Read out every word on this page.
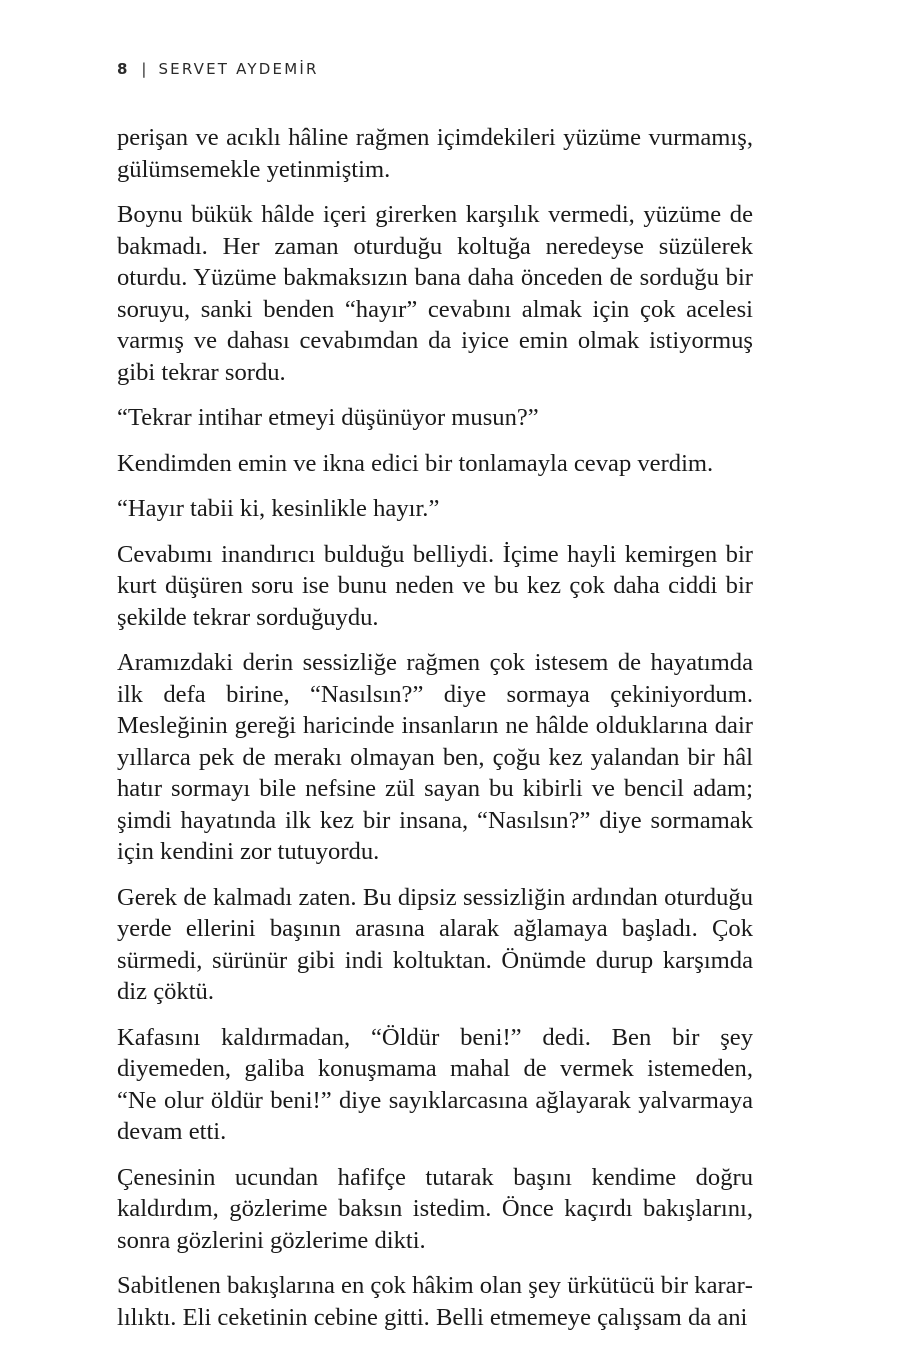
8 | SERVET AYDEMİR

perişan ve acıklı hâline rağmen içimdekileri yüzüme vurmamış, gülümsemekle yetinmiştim.

Boynu bükük hâlde içeri girerken karşılık vermedi, yüzüme de bakmadı. Her zaman oturduğu koltuğa neredeyse süzülerek oturdu. Yüzüme bakmaksızın bana daha önceden de sorduğu bir soruyu, sanki benden “hayır” cevabını almak için çok acelesi varmış ve dahası cevabımdan da iyice emin olmak istiyormuş gibi tekrar sordu.

“Tekrar intihar etmeyi düşünüyor musun?”

Kendimden emin ve ikna edici bir tonlamayla cevap verdim.

“Hayır tabii ki, kesinlikle hayır.”

Cevabımı inandırıcı bulduğu belliydi. İçime hayli kemirgen bir kurt düşüren soru ise bunu neden ve bu kez çok daha ciddi bir şekilde tekrar sorduğuydu.

Aramızdaki derin sessizliğe rağmen çok istesem de hayatımda ilk defa birine, “Nasılsın?” diye sormaya çekiniyordum. Mesleğinin gereği haricinde insanların ne hâlde olduklarına dair yıllarca pek de merakı olmayan ben, çoğu kez yalandan bir hâl hatır sormayı bile nefsine zül sayan bu kibirli ve bencil adam; şimdi hayatında ilk kez bir insana, “Nasılsın?” diye sormamak için kendini zor tutuyordu.

Gerek de kalmadı zaten. Bu dipsiz sessizliğin ardından oturduğu yerde ellerini başının arasına alarak ağlamaya başladı. Çok sürmedi, sürünür gibi indi koltuktan. Önümde durup karşımda diz çöktü.

Kafasını kaldırmadan, “Öldür beni!” dedi. Ben bir şey diyemeden, galiba konuşmama mahal de vermek istemeden, “Ne olur öldür beni!” diye sayıklarcasına ağlayarak yalvarmaya devam etti.

Çenesinin ucundan hafifçe tutarak başını kendime doğru kaldırdım, gözlerime baksın istedim. Önce kaçırdı bakışlarını, sonra gözlerini gözlerime dikti.

Sabitlenen bakışlarına en çok hâkim olan şey ürkütücü bir kararlılıktı. Eli ceketinin cebine gitti. Belli etmemeye çalışsam da ani
